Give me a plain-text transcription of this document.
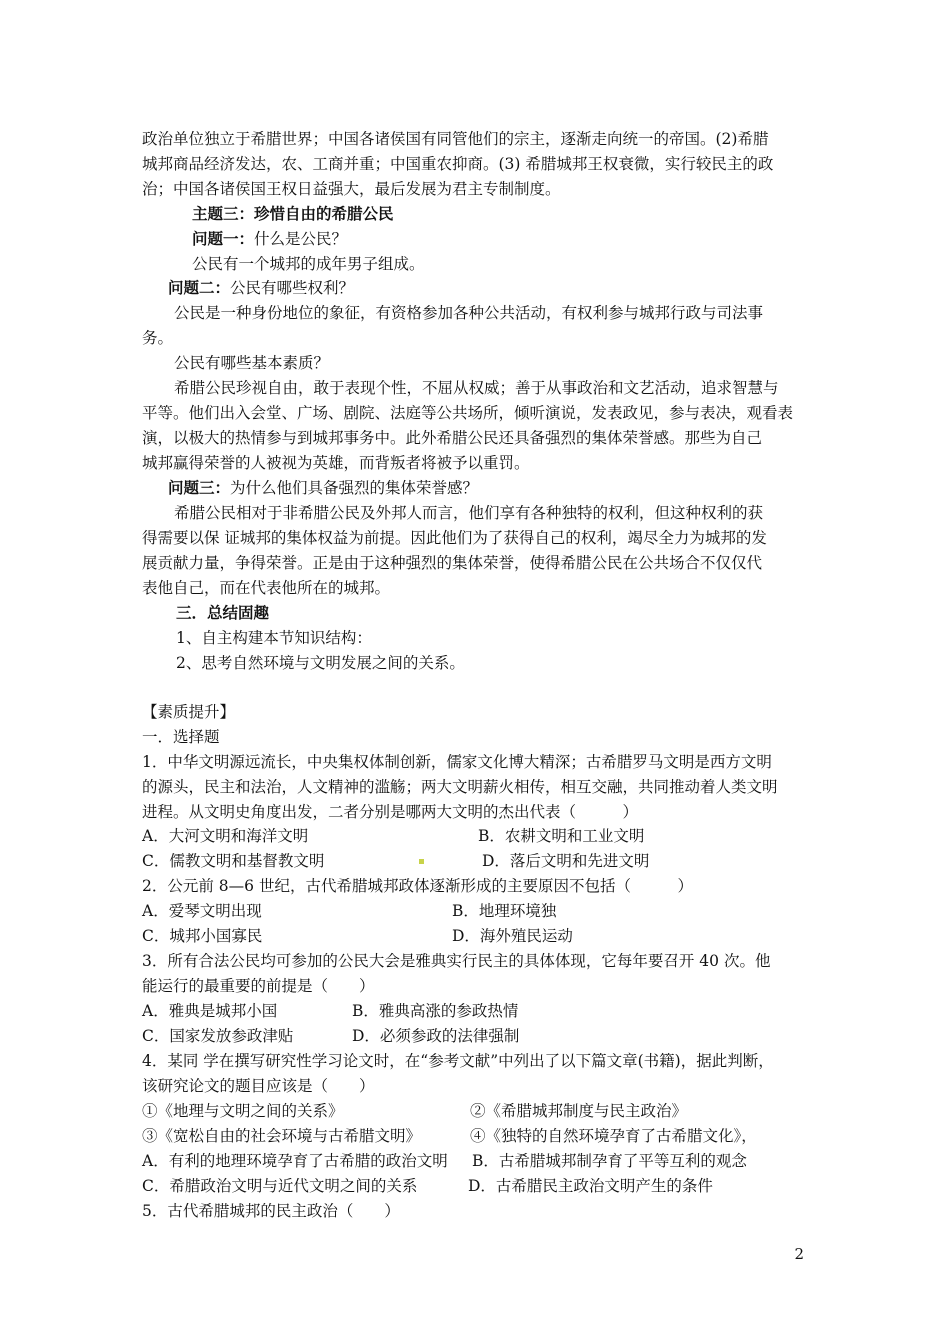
政治单位独立于希腊世界；中国各诸侯国有同管他们的宗主，逐渐走向统一的帝国。(2)希腊
城邦商品经济发达，农、工商并重；中国重农抑商。(3) 希腊城邦王权衰微，实行较民主的政
治；中国各诸侯国王权日益强大，最后发展为君主专制制度。
主题三：珍惜自由的希腊公民
问题一：什么是公民？
公民有一个城邦的成年男子组成。
问题二：公民有哪些权利？
公民是一种身份地位的象征，有资格参加各种公共活动，有权利参与城邦行政与司法事
务。
公民有哪些基本素质？
希腊公民珍视自由，敢于表现个性，不屈从权威；善于从事政治和文艺活动，追求智慧与
平等。他们出入会堂、广场、剧院、法庭等公共场所，倾听演说，发表政见，参与表决，观看表
演，以极大的热情参与到城邦事务中。此外希腊公民还具备强烈的集体荣誉感。那些为自己
城邦赢得荣誉的人被视为英雄，而背叛者将被予以重罚。
问题三：为什么他们具备强烈的集体荣誉感？
希腊公民相对于非希腊公民及外邦人而言，他们享有各种独特的权利，但这种权利的获
得需要以保 证城邦的集体权益为前提。因此他们为了获得自己的权利，竭尽全力为城邦的发
展贡献力量，争得荣誉。正是由于这种强烈的集体荣誉，使得希腊公民在公共场合不仅仅代
表他自己，而在代表他所在的城邦。
三．总结固趣
1、自主构建本节知识结构：
2、思考自然环境与文明发展之间的关系。
【素质提升】
一．选择题
1．中华文明源远流长，中央集权体制创新，儒家文化博大精深；古希腊罗马文明是西方文明
的源头，民主和法治，人文精神的滥觞；两大文明薪火相传，相互交融，共同推动着人类文明
进程。从文明史角度出发，二者分别是哪两大文明的杰出代表（　　　）
A．大河文明和海洋文明	B．农耕文明和工业文明
C．儒教文明和基督教文明	D．落后文明和先进文明
2．公元前 8—6 世纪，古代希腊城邦政体逐渐形成的主要原因不包括（　　　）
A．爱琴文明出现	B．地理环境独
C．城邦小国寡民	D．海外殖民运动
3．所有合法公民均可参加的公民大会是雅典实行民主的具体体现，它每年要召开 40 次。他
能运行的最重要的前提是（　　）
A．雅典是城邦小国	B．雅典高涨的参政热情
C．国家发放参政津贴	D．必须参政的法律强制
4．某同 学在撰写研究性学习论文时，在“参考文献”中列出了以下篇文章(书籍)，据此判断，
该研究论文的题目应该是（　　）
①《地理与文明之间的关系》	②《希腊城邦制度与民主政治》
③《宽松自由的社会环境与古希腊文明》	④《独特的自然环境孕育了古希腊文化》，
A．有利的地理环境孕育了古希腊的政治文明 B．古希腊城邦制孕育了平等互利的观念
C．希腊政治文明与近代文明之间的关系	D．古希腊民主政治文明产生的条件
5．古代希腊城邦的民主政治（　　）
2
